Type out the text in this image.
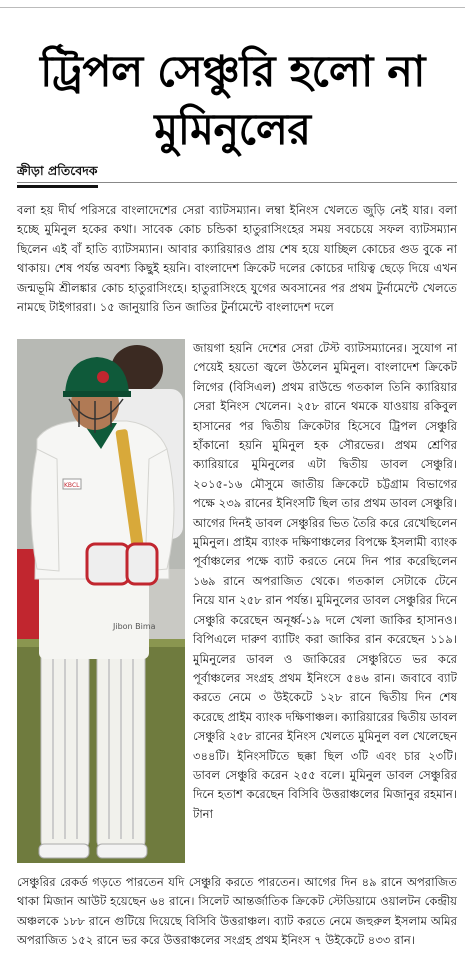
ট্রিপল সেঞ্চুরি হলো না
মুমিনুলের
ক্রীড়া প্রতিবেদক

বলা হয় দীর্ঘ পরিসরে বাংলাদেশের সেরা ব্যাটসম্যান। লম্বা ইনিংস খেলতে জুড়ি নেই যার। বলা হচ্ছে মুমিনুল হকের কথা। সাবেক কোচ চন্ডিকা হাতুরাসিংহের সময় সবচেয়ে সফল ব্যাটসম্যান ছিলেন এই বাঁ হাতি ব্যাটসম্যান। আবার ক্যারিয়ারও প্রায় শেষ হয়ে যাচ্ছিল কোচের গুড বুকে না থাকায়। শেষ পর্যন্ত অবশ্য কিছুই হয়নি। বাংলাদেশ ক্রিকেট দলের কোচের দায়িত্ব ছেড়ে দিয়ে এখন জন্মভূমি শ্রীলঙ্কার কোচ হাতুরাসিংহে। হাতুরাসিংহে যুগের অবসানের পর প্রথম টুর্নামেন্টে খেলতে নামছে টাইগাররা। ১৫ জানুয়ারি তিন জাতির টুর্নামেন্টে বাংলাদেশ দলে

Jibon Bima
KBCL

জায়গা হয়নি দেশের সেরা টেস্ট ব্যাটসম্যানের। সুযোগ না পেয়েই হয়তো জ্বলে উঠলেন মুমিনুল। বাংলাদেশ ক্রিকেট লিগের (বিসিএল) প্রথম রাউন্ডে গতকাল তিনি ক্যারিয়ার সেরা ইনিংস খেলেন। ২৫৮ রানে থমকে যাওয়ায় রকিবুল হাসানের পর দ্বিতীয় ক্রিকেটার হিসেবে ট্রিপল সেঞ্চুরি হাঁকানো হয়নি মুমিনুল হক সৌরভের। প্রথম শ্রেণির ক্যারিয়ারে মুমিনুলের এটা দ্বিতীয় ডাবল সেঞ্চুরি। ২০১৫-১৬ মৌসুমে জাতীয় ক্রিকেটে চট্টগ্রাম বিভাগের পক্ষে ২৩৯ রানের ইনিংসটি ছিল তার প্রথম ডাবল সেঞ্চুরি। আগের দিনই ডাবল সেঞ্চুরির ভিত তৈরি করে রেখেছিলেন মুমিনুল। প্রাইম ব্যাংক দক্ষিণাঞ্চলের বিপক্ষে ইসলামী ব্যাংক পূর্বাঞ্চলের পক্ষে ব্যাট করতে নেমে দিন পার করেছিলেন ১৬৯ রানে অপরাজিত থেকে। গতকাল সেটাকে টেনে নিয়ে যান ২৫৮ রান পর্যন্ত। মুমিনুলের ডাবল সেঞ্চুরির দিনে সেঞ্চুরি করেছেন অনূর্ধ্ব-১৯ দলে খেলা জাকির হাসানও। বিপিএলে দারুণ ব্যাটিং করা জাকির রান করেছেন ১১৯। মুমিনুলের ডাবল ও জাকিরের সেঞ্চুরিতে ভর করে পূর্বাঞ্চলের সংগ্রহ প্রথম ইনিংসে ৫৪৬ রান। জবাবে ব্যাট করতে নেমে ৩ উইকেটে ১২৮ রানে দ্বিতীয় দিন শেষ করেছে প্রাইম ব্যাংক দক্ষিণাঞ্চল। ক্যারিয়ারের দ্বিতীয় ডাবল সেঞ্চুরি ২৫৮ রানের ইনিংস খেলতে মুমিনুল বল খেলেছেন ৩৪৪টি। ইনিংসটিতে ছক্কা ছিল ৩টি এবং চার ২৩টি। ডাবল সেঞ্চুরি করেন ২৫৫ বলে। মুমিনুল ডাবল সেঞ্চুরির দিনে হতাশ করেছেন বিসিবি উত্তরাঞ্চলের মিজানুর রহমান। টানা

সেঞ্চুরির রেকর্ড গড়তে পারতেন যদি সেঞ্চুরি করতে পারতেন। আগের দিন ৪৯ রানে অপরাজিত থাকা মিজান আউট হয়েছেন ৬৪ রানে। সিলেট আন্তর্জাতিক ক্রিকেট স্টেডিয়ামে ওয়ালটন কেন্দ্রীয় অঞ্চলকে ১৮৮ রানে গুটিয়ে দিয়েছে বিসিবি উত্তরাঞ্চল। ব্যাট করতে নেমে জহুরুল ইসলাম অমির অপরাজিত ১৫২ রানে ভর করে উত্তরাঞ্চলের সংগ্রহ প্রথম ইনিংস ৭ উইকেটে ৪৩৩ রান।
